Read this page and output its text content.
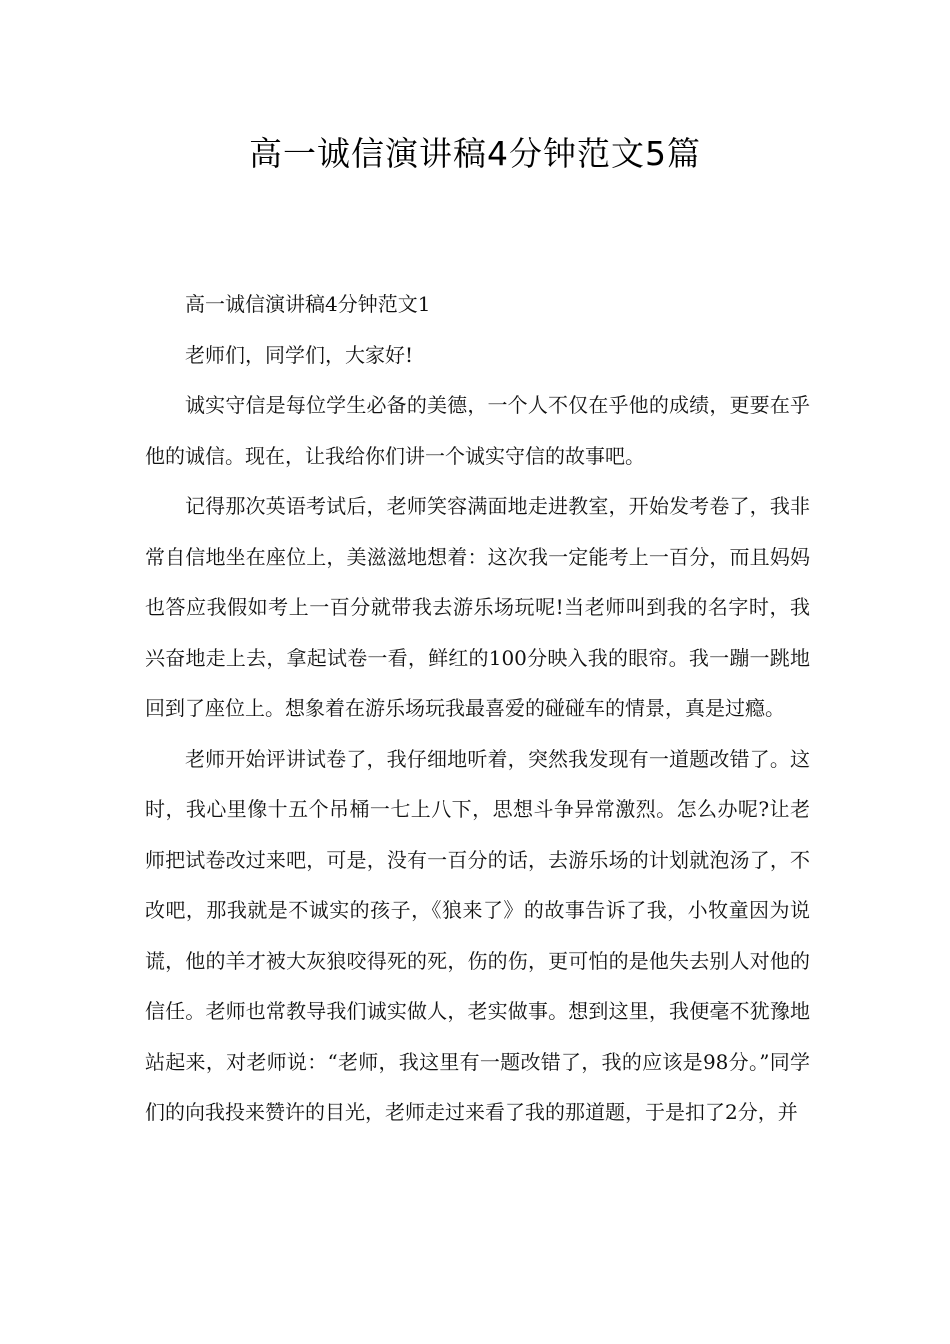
高一诚信演讲稿4分钟范文5篇

高一诚信演讲稿4分钟范文1

老师们，同学们，大家好!

诚实守信是每位学生必备的美德，一个人不仅在乎他的成绩，更要在乎他的诚信。现在，让我给你们讲一个诚实守信的故事吧。

记得那次英语考试后，老师笑容满面地走进教室，开始发考卷了，我非常自信地坐在座位上，美滋滋地想着：这次我一定能考上一百分，而且妈妈也答应我假如考上一百分就带我去游乐场玩呢!当老师叫到我的名字时，我兴奋地走上去，拿起试卷一看，鲜红的100分映入我的眼帘。我一蹦一跳地回到了座位上。想象着在游乐场玩我最喜爱的碰碰车的情景，真是过瘾。

老师开始评讲试卷了，我仔细地听着，突然我发现有一道题改错了。这时，我心里像十五个吊桶一七上八下，思想斗争异常激烈。怎么办呢?让老师把试卷改过来吧，可是，没有一百分的话，去游乐场的计划就泡汤了，不改吧，那我就是不诚实的孩子，《狼来了》的故事告诉了我，小牧童因为说谎，他的羊才被大灰狼咬得死的死，伤的伤，更可怕的是他失去别人对他的信任。老师也常教导我们诚实做人，老实做事。想到这里，我便毫不犹豫地站起来，对老师说：“老师，我这里有一题改错了，我的应该是98分。”同学们的向我投来赞许的目光，老师走过来看了我的那道题，于是扣了2分，并
